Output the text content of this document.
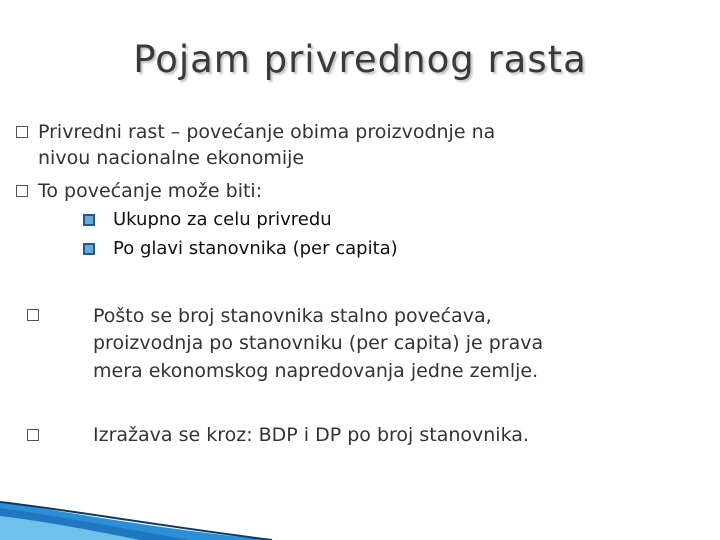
Pojam privrednog rasta
Privredni rast – povećanje obima proizvodnje na
nivou nacionalne ekonomije
To povećanje može biti:
Ukupno za celu privredu
Po glavi stanovnika (per capita)
Pošto se broj stanovnika stalno povećava,
proizvodnja po stanovniku (per capita) je prava
mera ekonomskog napredovanja jedne zemlje.
Izražava se kroz: BDP i DP po broj stanovnika.
